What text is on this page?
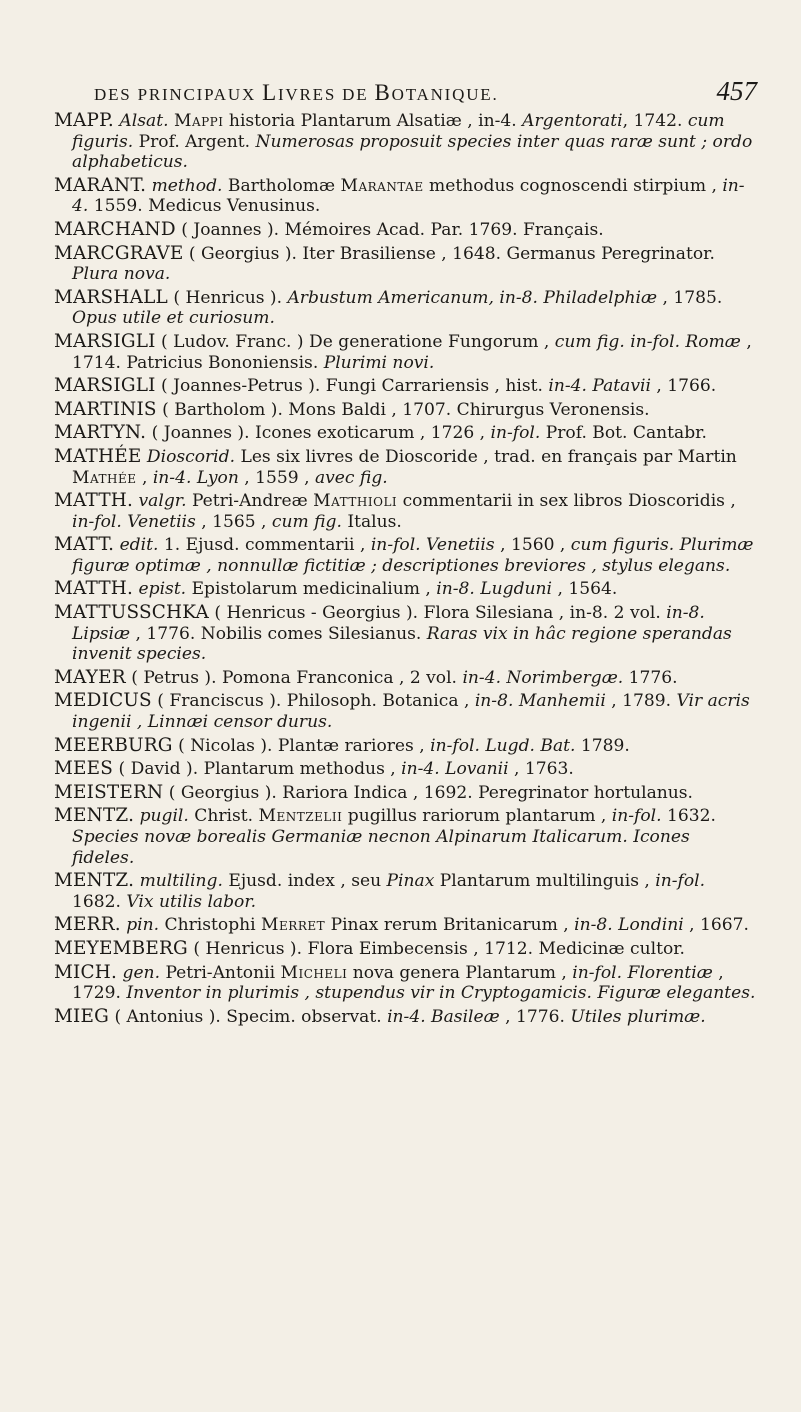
DES PRINCIPAUX LIVRES DE BOTANIQUE.	457

MAPP. Alsat. Mappi historia Plantarum Alsatiæ , in-4. Argentorati, 1742. cum figuris. Prof. Argent. Numerosas proposuit species inter quas raræ sunt ; ordo alphabeticus.

MARANT. method. Bartholomæ Marantae methodus cognoscendi stirpium , in-4. 1559. Medicus Venusinus.

MARCHAND ( Joannes ). Mémoires Acad. Par. 1769. Français.

MARCGRAVE ( Georgius ). Iter Brasiliense , 1648. Germanus Peregrinator. Plura nova.

MARSHALL ( Henricus ). Arbustum Americanum, in-8. Philadelphiæ , 1785. Opus utile et curiosum.

MARSIGLI ( Ludov. Franc. ) De generatione Fungorum , cum fig. in-fol. Romæ , 1714. Patricius Bononiensis. Plurimi novi.

MARSIGLI ( Joannes-Petrus ). Fungi Carrariensis , hist. in-4. Patavii , 1766.

MARTINIS ( Bartholom ). Mons Baldi , 1707. Chirurgus Veronensis.

MARTYN. ( Joannes ). Icones exoticarum , 1726 , in-fol. Prof. Bot. Cantabr.

MATHÉE Dioscorid. Les six livres de Dioscoride , trad. en français par Martin Mathée , in-4. Lyon , 1559 , avec fig.

MATTH. valgr. Petri-Andreæ Matthioli commentarii in sex libros Dioscoridis , in-fol. Venetiis , 1565 , cum fig. Italus.

MATT. edit. 1. Ejusd. commentarii , in-fol. Venetiis , 1560 , cum figuris. Plurimæ figuræ optimæ , nonnullæ fictitiæ ; descriptiones breviores , stylus elegans.

MATTH. epist. Epistolarum medicinalium , in-8. Lugduni , 1564.

MATTUSSCHKA ( Henricus - Georgius ). Flora Silesiana , in-8. 2 vol. in-8. Lipsiæ , 1776. Nobilis comes Silesianus. Raras vix in hâc regione sperandas invenit species.

MAYER ( Petrus ). Pomona Franconica , 2 vol. in-4. Norimbergæ. 1776.

MEDICUS ( Franciscus ). Philosoph. Botanica , in-8. Manhemii , 1789. Vir acris ingenii , Linnæi censor durus.

MEERBURG ( Nicolas ). Plantæ rariores , in-fol. Lugd. Bat. 1789.

MEES ( David ). Plantarum methodus , in-4. Lovanii , 1763.

MEISTERN ( Georgius ). Rariora Indica , 1692. Peregrinator hortulanus.

MENTZ. pugil. Christ. Mentzelii pugillus rariorum plantarum , in-fol. 1632. Species novæ borealis Germaniæ necnon Alpinarum Italicarum. Icones fideles.

MENTZ. multiling. Ejusd. index , seu Pinax Plantarum multilinguis , in-fol. 1682. Vix utilis labor.

MERR. pin. Christophi Merret Pinax rerum Britanicarum , in-8. Londini , 1667.

MEYEMBERG ( Henricus ). Flora Eimbecensis , 1712. Medicinæ cultor.

MICH. gen. Petri-Antonii Micheli nova genera Plantarum , in-fol. Florentiæ , 1729. Inventor in plurimis , stupendus vir in Cryptogamicis. Figuræ elegantes.

MIEG ( Antonius ). Specim. observat. in-4. Basileæ , 1776. Utiles plurimæ.
